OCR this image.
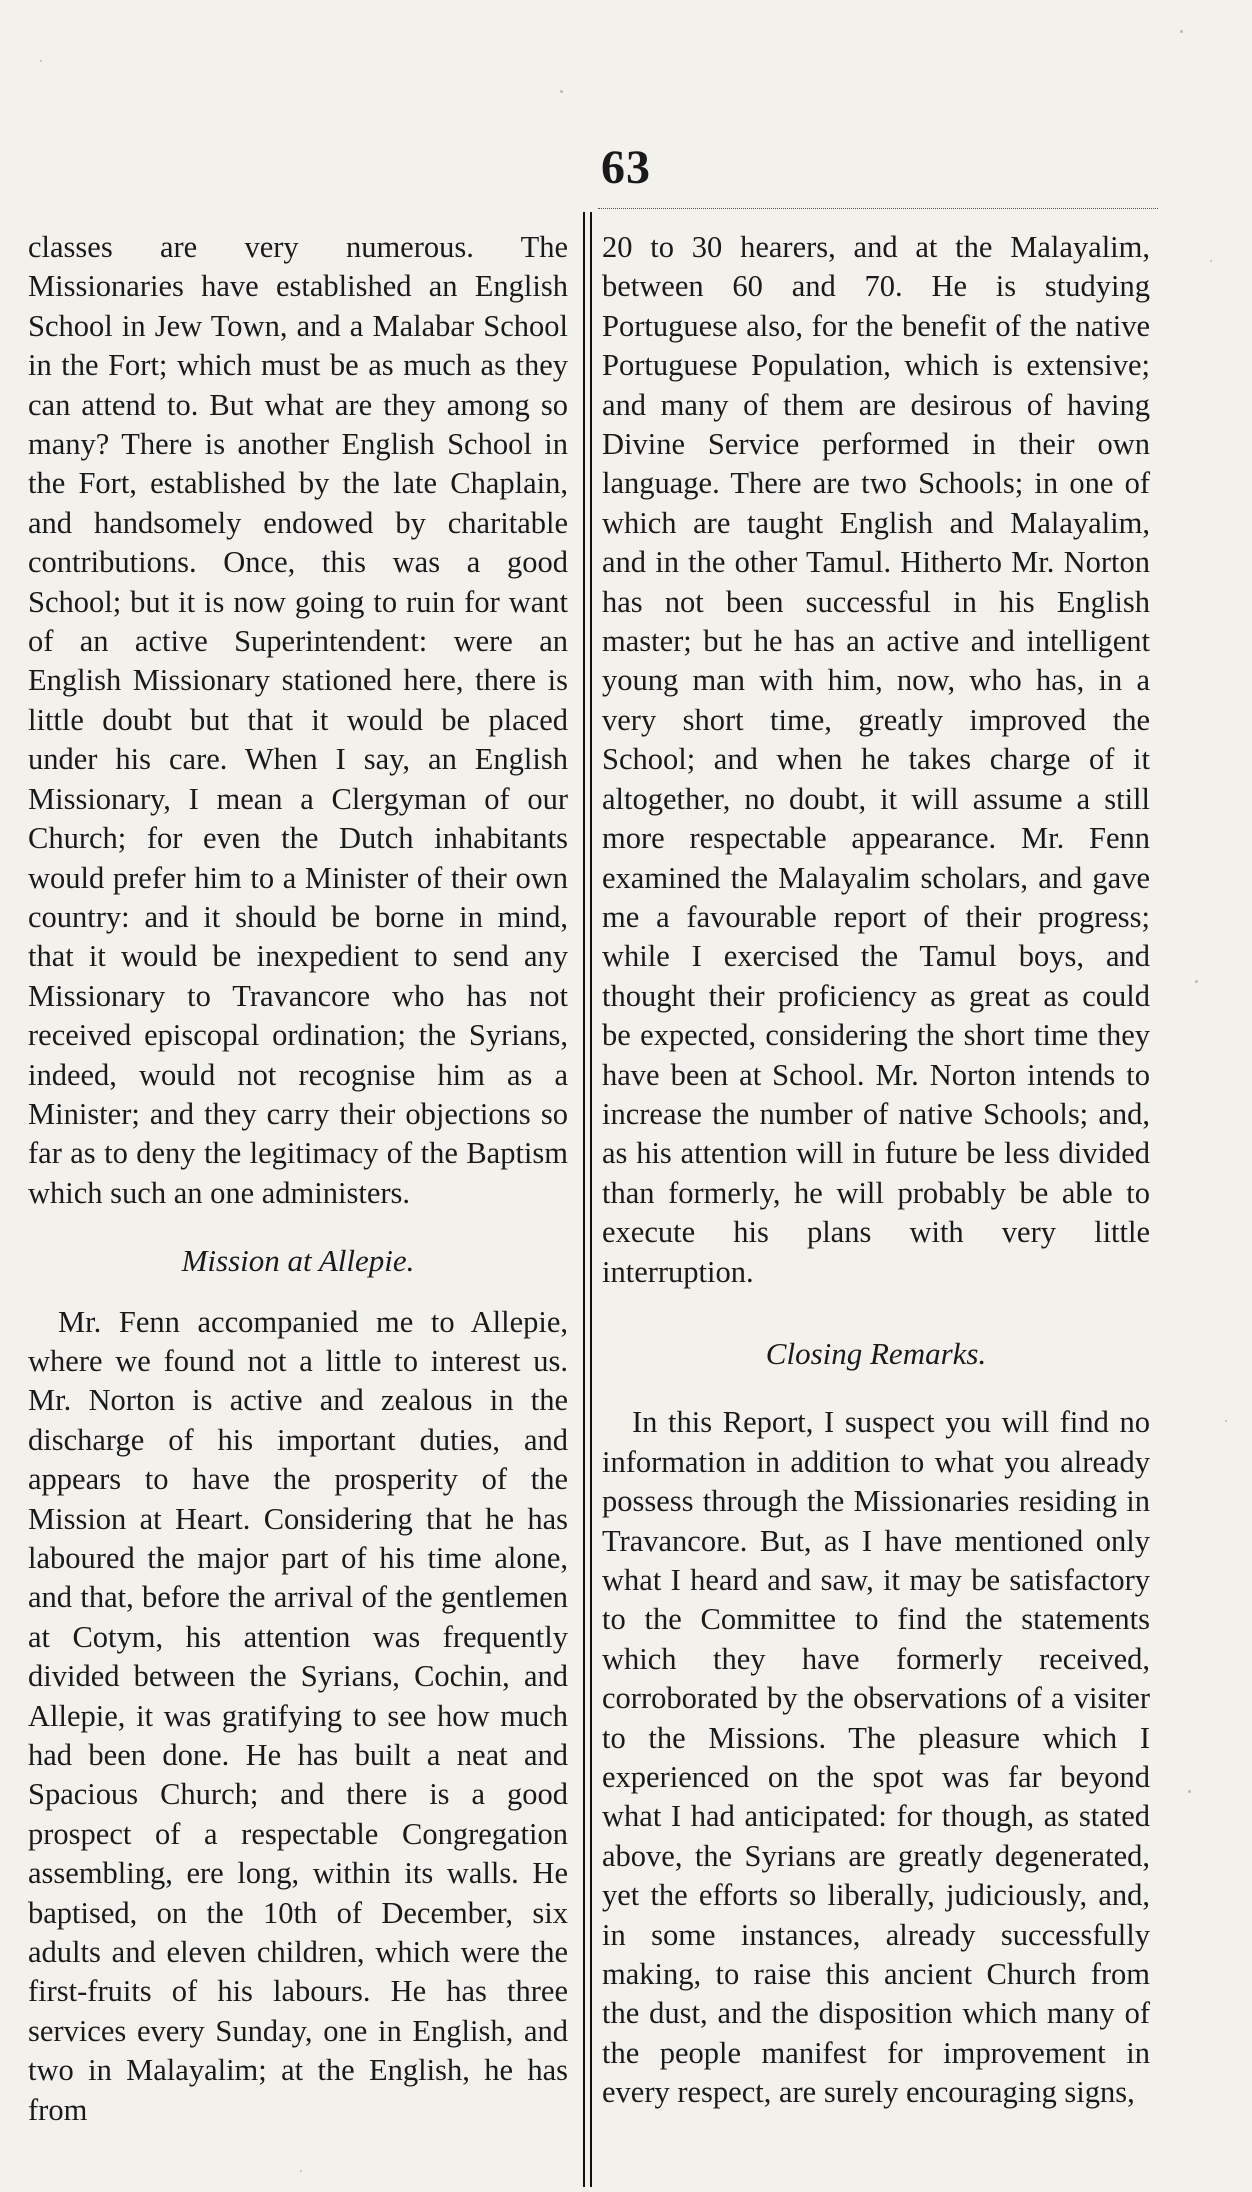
63

classes are very numerous. The Missionaries have established an English School in Jew Town, and a Malabar School in the Fort; which must be as much as they can attend to. But what are they among so many? There is another English School in the Fort, established by the late Chaplain, and handsomely endowed by charitable contributions. Once, this was a good School; but it is now going to ruin for want of an active Superintendent: were an English Missionary stationed here, there is little doubt but that it would be placed under his care. When I say, an English Missionary, I mean a Clergyman of our Church; for even the Dutch inhabitants would prefer him to a Minister of their own country: and it should be borne in mind, that it would be inexpedient to send any Missionary to Travancore who has not received episcopal ordination; the Syrians, indeed, would not recognise him as a Minister; and they carry their objections so far as to deny the legitimacy of the Baptism which such an one administers.

Mission at Allepie.

Mr. Fenn accompanied me to Allepie, where we found not a little to interest us. Mr. Norton is active and zealous in the discharge of his important duties, and appears to have the prosperity of the Mission at Heart. Considering that he has laboured the major part of his time alone, and that, before the arrival of the gentlemen at Cotym, his attention was frequently divided between the Syrians, Cochin, and Allepie, it was gratifying to see how much had been done. He has built a neat and Spacious Church; and there is a good prospect of a respectable Congregation assembling, ere long, within its walls. He baptised, on the 10th of December, six adults and eleven children, which were the first-fruits of his labours. He has three services every Sunday, one in English, and two in Malayalim; at the English, he has from

20 to 30 hearers, and at the Malayalim, between 60 and 70. He is studying Portuguese also, for the benefit of the native Portuguese Population, which is extensive; and many of them are desirous of having Divine Service performed in their own language. There are two Schools; in one of which are taught English and Malayalim, and in the other Tamul. Hitherto Mr. Norton has not been successful in his English master; but he has an active and intelligent young man with him, now, who has, in a very short time, greatly improved the School; and when he takes charge of it altogether, no doubt, it will assume a still more respectable appearance. Mr. Fenn examined the Malayalim scholars, and gave me a favourable report of their progress; while I exercised the Tamul boys, and thought their proficiency as great as could be expected, considering the short time they have been at School. Mr. Norton intends to increase the number of native Schools; and, as his attention will in future be less divided than formerly, he will probably be able to execute his plans with very little interruption.

Closing Remarks.

In this Report, I suspect you will find no information in addition to what you already possess through the Missionaries residing in Travancore. But, as I have mentioned only what I heard and saw, it may be satisfactory to the Committee to find the statements which they have formerly received, corroborated by the observations of a visiter to the Missions. The pleasure which I experienced on the spot was far beyond what I had anticipated: for though, as stated above, the Syrians are greatly degenerated, yet the efforts so liberally, judiciously, and, in some instances, already successfully making, to raise this ancient Church from the dust, and the disposition which many of the people manifest for improvement in every respect, are surely encouraging signs,
